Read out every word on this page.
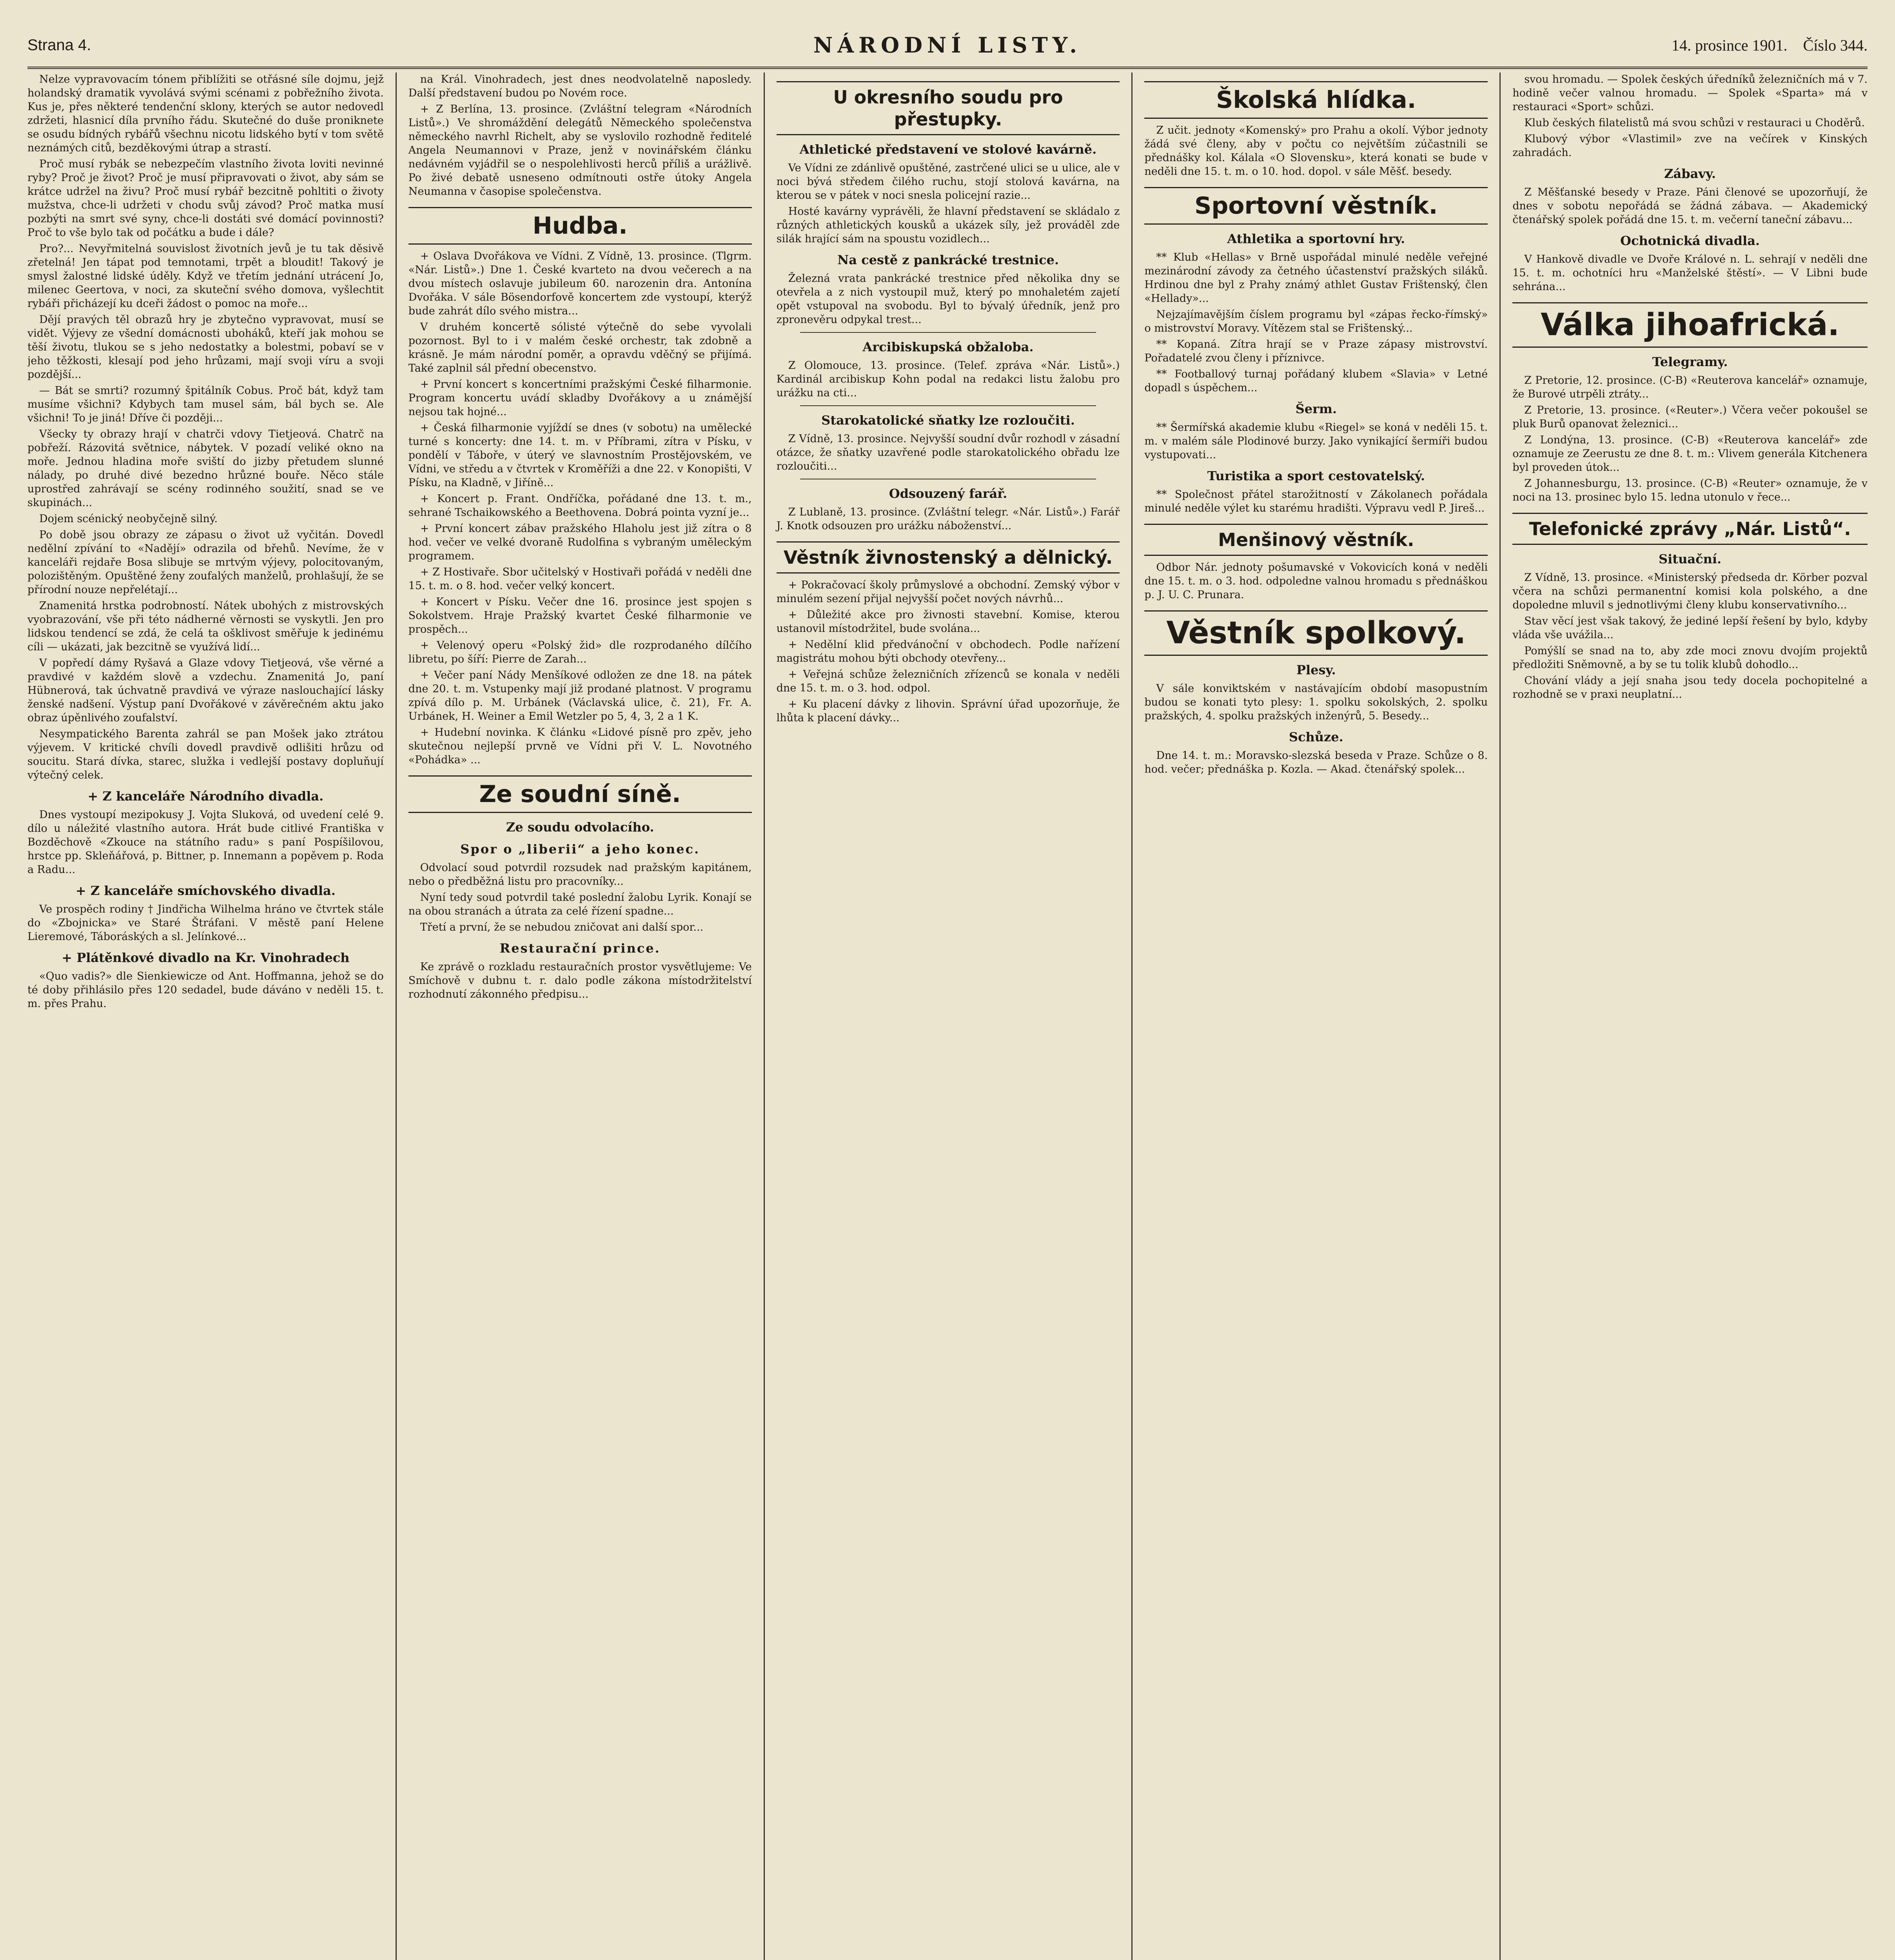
Strana 4.	NÁRODNÍ LISTY.	14. prosince 1901. Číslo 344.

Nelze vypravovacím tónem přiblížiti se otřásné síle dojmu, jejž holandský dramatik vyvolává svými scénami z pobřežního života. Kus je, přes některé tendenční sklony, kterých se autor nedovedl zdržeti, hlasnicí díla prvního řádu. Skutečné do duše proniknete se osudu bídných rybářů všechnu nicotu lidského bytí v tom světě neznámých citů, bezděkovými útrap a strastí.

Proč musí rybák se nebezpečím vlastního života loviti nevinné ryby? Proč je život? Proč je musí připravovati o život, aby sám se krátce udržel na živu? Proč musí rybář bezcitně pohltiti o životy mužstva, chce-li udržeti v chodu svůj závod? Proč matka musí pozbýti na smrt své syny, chce-li dostáti své domácí povinnosti? Proč to vše bylo tak od počátku a bude i dále?

Pro?... Nevyřmitelná souvislost životních jevů je tu tak děsivě zřetelná! Jen tápat pod temnotami, trpět a bloudit! Takový je smysl žalostné lidské úděly. Když ve třetím jednání utrácení Jo, milenec Geertova, v noci, za skuteční svého domova, vyšlechtit rybáři přicházejí ku dceři žádost o pomoc na moře...

Dějí pravých těl obrazů hry je zbytečno vypravovat, musí se vidět. Výjevy ze všední domácnosti uboháků, kteří jak mohou se těší životu, tlukou se s jeho nedostatky a bolestmi, pobaví se v jeho těžkosti, klesají pod jeho hrůzami, mají svoji víru a svoji pozdější...

— Bát se smrti? rozumný špitálník Cobus. Proč bát, když tam musíme všichni? Kdybych tam musel sám, bál bych se. Ale všichni! To je jiná! Dříve či později...

Všecky ty obrazy hrají v chatrči vdovy Tietjeová. Chatrč na pobřeží. Rázovitá světnice, nábytek. V pozadí veliké okno na moře. Jednou hladina moře sviští do jizby přetudem slunné nálady, po druhé divé bezedno hrůzné bouře. Něco stále uprostřed zahrávají se scény rodinného soužití, snad se ve skupinách...

Dojem scénický neobyčejně silný.

Po době jsou obrazy ze zápasu o život už vyčitán. Dovedl nedělní zpívání to «Nadějí» odrazila od břehů. Nevíme, že v kanceláři rejdaře Bosa slibuje se mrtvým výjevy, polocitovaným, polozištěným. Opuštěné ženy zoufalých manželů, prohlašují, že se přírodní nouze nepřelétají...

Znamenitá hrstka podrobností. Nátek ubohých z mistrovských vyobrazování, vše při této nádherné věrnosti se vyskytli. Jen pro lidskou tendencí se zdá, že celá ta ošklivost směřuje k jedinému cíli — ukázati, jak bezcitně se využívá lidí...

V popředí dámy Ryšavá a Glaze vdovy Tietjeová, vše věrné a pravdivé v každém slově a vzdechu. Znamenitá Jo, paní Hübnerová, tak úchvatně pravdivá ve výraze naslouchající lásky ženské nadšení. Výstup paní Dvořákové v závěrečném aktu jako obraz úpěnlivého zoufalství.

Nesympatického Barenta zahrál se pan Mošek jako ztrátou výjevem. V kritické chvíli dovedl pravdivě odlišiti hrůzu od soucitu. Stará dívka, starec, služka i vedlejší postavy dopluňují výtečný celek.

+ Z kanceláře Národního divadla.

Dnes vystoupí mezipokusy J. Vojta Sluková, od uvedení celé 9. dílo u náležité vlastního autora. Hrát bude citlivé Františka v Bozděchově «Zkouce na státního radu» s paní Pospíšilovou, hrstce pp. Skleňářová, p. Bittner, p. Innemann a popěvem p. Roda a Radu...

+ Z kanceláře smíchovského divadla.

Ve prospěch rodiny † Jindřicha Wilhelma hráno ve čtvrtek stále do «Zbojnicka» ve Staré Štráfani. V městě paní Helene Lieremové, Táboráských a sl. Jelínkové...

+ Plátěnkové divadlo na Kr. Vinohradech

«Quo vadis?» dle Sienkiewicze od Ant. Hoffmanna, jehož se do té doby přihlásilo přes 120 sedadel, bude dáváno v neděli 15. t. m. přes Prahu.

na Král. Vinohradech, jest dnes neodvolatelně naposledy. Další představení budou po Novém roce.

+ Z Berlína, 13. prosince. (Zvláštní telegram «Národních Listů».) Ve shromáždění delegátů Německého společenstva německého navrhl Richelt, aby se vyslovilo rozhodně ředitelé Angela Neumannovi v Praze, jenž v novinářském článku nedávném vyjádřil se o nespolehlivosti herců příliš a urážlivě. Po živé debatě usneseno odmítnouti ostře útoky Angela Neumanna v časopise společenstva.

Hudba.

+ Oslava Dvořákova ve Vídni. Z Vídně, 13. prosince. (Tlgrm. «Nár. Listů».) Dne 1. České kvarteto na dvou večerech a na dvou místech oslavuje jubileum 60. narozenin dra. Antonína Dvořáka. V sále Bösendorfově koncertem zde vystoupí, kterýž bude zahrát dílo svého mistra...

V druhém koncertě sólisté výtečně do sebe vyvolali pozornost. Byl to i v malém české orchestr, tak zdobně a krásně. Je mám národní poměr, a opravdu vděčný se přijímá. Také zaplnil sál přední obecenstvo.

+ První koncert s koncertními pražskými České filharmonie. Program koncertu uvádí skladby Dvořákovy a u známější nejsou tak hojné...

+ Česká filharmonie vyjíždí se dnes (v sobotu) na umělecké turné s koncerty: dne 14. t. m. v Příbrami, zítra v Písku, v pondělí v Táboře, v úterý ve slavnostním Prostějovském, ve Vídni, ve středu a v čtvrtek v Kroměříži a dne 22. v Konopišti, V Písku, na Kladně, v Jiříně...

+ Koncert p. Frant. Ondříčka, pořádané dne 13. t. m., sehrané Tschaikowského a Beethovena. Dobrá pointa vyzní je...

+ První koncert zábav pražského Hlaholu jest již zítra o 8 hod. večer ve velké dvoraně Rudolfina s vybraným uměleckým programem.

+ Z Hostivaře. Sbor učitelský v Hostivaři pořádá v neděli dne 15. t. m. o 8. hod. večer velký koncert.

+ Koncert v Písku. Večer dne 16. prosince jest spojen s Sokolstvem. Hraje Pražský kvartet České filharmonie ve prospěch...

+ Velenový operu «Polský žid» dle rozprodaného dílčího libretu, po šíří: Pierre de Zarah...

+ Večer paní Nády Menšíkové odložen ze dne 18. na pátek dne 20. t. m. Vstupenky mají již prodané platnost. V programu zpívá dílo p. M. Urbánek (Václavská ulice, č. 21), Fr. A. Urbánek, H. Weiner a Emil Wetzler po 5, 4, 3, 2 a 1 K.

+ Hudební novinka. K článku «Lidové písně pro zpěv, jeho skutečnou nejlepší prvně ve Vídni při V. L. Novotného «Pohádka» ...

Ze soudní síně.
Ze soudu odvolacího.
Spor o „liberii“ a jeho konec.

Odvolací soud potvrdil rozsudek nad pražským kapitánem, nebo o předběžná listu pro pracovníky...

Nyní tedy soud potvrdil také poslední žalobu Lyrik. Konají se na obou stranách a útrata za celé řízení spadne...

Třetí a první, že se nebudou zničovat ani další spor...

Restaurační prince.

Ke zprávě o rozkladu restauračních prostor vysvětlujeme: Ve Smíchově v dubnu t. r. dalo podle zákona místodržitelství rozhodnutí zákonného předpisu...

U okresního soudu pro přestupky.
Athletické představení ve stolové kavárně.

Ve Vídni ze zdánlivě opuštěné, zastrčené ulici se u ulice, ale v noci bývá středem čilého ruchu, stojí stolová kavárna, na kterou se v pátek v noci snesla policejní razie...

Hosté kavárny vyprávěli, že hlavní představení se skládalo z různých athletických kousků a ukázek síly, jež prováděl zde silák hrající sám na spoustu vozidlech...

Na cestě z pankrácké trestnice.

Železná vrata pankrácké trestnice před několika dny se otevřela a z nich vystoupil muž, který po mnohaletém zajetí opět vstupoval na svobodu. Byl to bývalý úředník, jenž pro zpronevěru odpykal trest...

Arcibiskupská obžaloba.

Z Olomouce, 13. prosince. (Telef. zpráva «Nár. Listů».) Kardinál arcibiskup Kohn podal na redakci listu žalobu pro urážku na cti...

Starokatolické sňatky lze rozloučiti.

Z Vídně, 13. prosince. Nejvyšší soudní dvůr rozhodl v zásadní otázce, že sňatky uzavřené podle starokatolického obřadu lze rozloučiti...

Odsouzený farář.

Z Lublaně, 13. prosince. (Zvláštní telegr. «Nár. Listů».) Farář J. Knotk odsouzen pro urážku náboženství...

Věstník živnostenský a dělnický.

+ Pokračovací školy průmyslové a obchodní. Zemský výbor v minulém sezení přijal nejvyšší počet nových návrhů...

+ Důležité akce pro živnosti stavební. Komise, kterou ustanovil místodržitel, bude svolána...

+ Nedělní klid předvánoční v obchodech. Podle nařízení magistrátu mohou býti obchody otevřeny...

+ Veřejná schůze železničních zřízenců se konala v neděli dne 15. t. m. o 3. hod. odpol.

+ Ku placení dávky z lihovin. Správní úřad upozorňuje, že lhůta k placení dávky...

Školská hlídka.

Z učit. jednoty «Komenský» pro Prahu a okolí. Výbor jednoty žádá své členy, aby v počtu co největším zúčastnili se přednášky kol. Kálala «O Slovensku», která konati se bude v neděli dne 15. t. m. o 10. hod. dopol. v sále Měšť. besedy.

Sportovní věstník.
Athletika a sportovní hry.

** Klub «Hellas» v Brně uspořádal minulé neděle veřejné mezinárodní závody za četného účastenství pražských siláků. Hrdinou dne byl z Prahy známý athlet Gustav Frištenský, člen «Hellady»...

Nejzajímavějším číslem programu byl «zápas řecko-římský» o mistrovství Moravy. Vítězem stal se Frištenský...

** Kopaná. Zítra hrají se v Praze zápasy mistrovství. Pořadatelé zvou členy i příznivce.

** Footballový turnaj pořádaný klubem «Slavia» v Letné dopadl s úspěchem...

Šerm.

** Šermířská akademie klubu «Riegel» se koná v neděli 15. t. m. v malém sále Plodinové burzy. Jako vynikající šermíři budou vystupovati...

Turistika a sport cestovatelský.

** Společnost přátel starožitností v Zákolanech pořádala minulé neděle výlet ku starému hradišti. Výpravu vedl P. Jireš...

Menšinový věstník.

Odbor Nár. jednoty pošumavské v Vokovicích koná v neděli dne 15. t. m. o 3. hod. odpoledne valnou hromadu s přednáškou p. J. U. C. Prunara.

Věstník spolkový.
Plesy.

V sále konviktském v nastávajícím období masopustním budou se konati tyto plesy: 1. spolku sokolských, 2. spolku pražských, 4. spolku pražských inženýrů, 5. Besedy...

Schůze.

Dne 14. t. m.: Moravsko-slezská beseda v Praze. Schůze o 8. hod. večer; přednáška p. Kozla. — Akad. čtenářský spolek...

svou hromadu. — Spolek českých úředníků železničních má v 7. hodině večer valnou hromadu. — Spolek «Sparta» má v restauraci «Sport» schůzi.

Klub českých filatelistů má svou schůzi v restauraci u Choděrů.

Klubový výbor «Vlastimil» zve na večírek v Kinských zahradách.

Zábavy.

Z Měšťanské besedy v Praze. Páni členové se upozorňují, že dnes v sobotu nepořádá se žádná zábava. — Akademický čtenářský spolek pořádá dne 15. t. m. večerní taneční zábavu...

Ochotnická divadla.

V Hankově divadle ve Dvoře Králové n. L. sehrají v neděli dne 15. t. m. ochotníci hru «Manželské štěstí». — V Libni bude sehrána...

Válka jihoafrická.
Telegramy.

Z Pretorie, 12. prosince. (C-B) «Reuterova kancelář» oznamuje, že Burové utrpěli ztráty...

Z Pretorie, 13. prosince. («Reuter».) Včera večer pokoušel se pluk Burů opanovat železnici...

Z Londýna, 13. prosince. (C-B) «Reuterova kancelář» zde oznamuje ze Zeerustu ze dne 8. t. m.: Vlivem generála Kitchenera byl proveden útok...

Z Johannesburgu, 13. prosince. (C-B) «Reuter» oznamuje, že v noci na 13. prosinec bylo 15. ledna utonulo v řece...

Telefonické zprávy „Nár. Listů“.
Situační.

Z Vídně, 13. prosince. «Ministerský předseda dr. Körber pozval včera na schůzi permanentní komisi kola polského, a dne dopoledne mluvil s jednotlivými členy klubu konservativního...

Stav věcí jest však takový, že jediné lepší řešení by bylo, kdyby vláda vše uvážila...

Pomýšlí se snad na to, aby zde moci znovu dvojím projektů předložiti Sněmovně, a by se tu tolik klubů dohodlo...

Chování vlády a její snaha jsou tedy docela pochopitelné a rozhodně se v praxi neuplatní...
